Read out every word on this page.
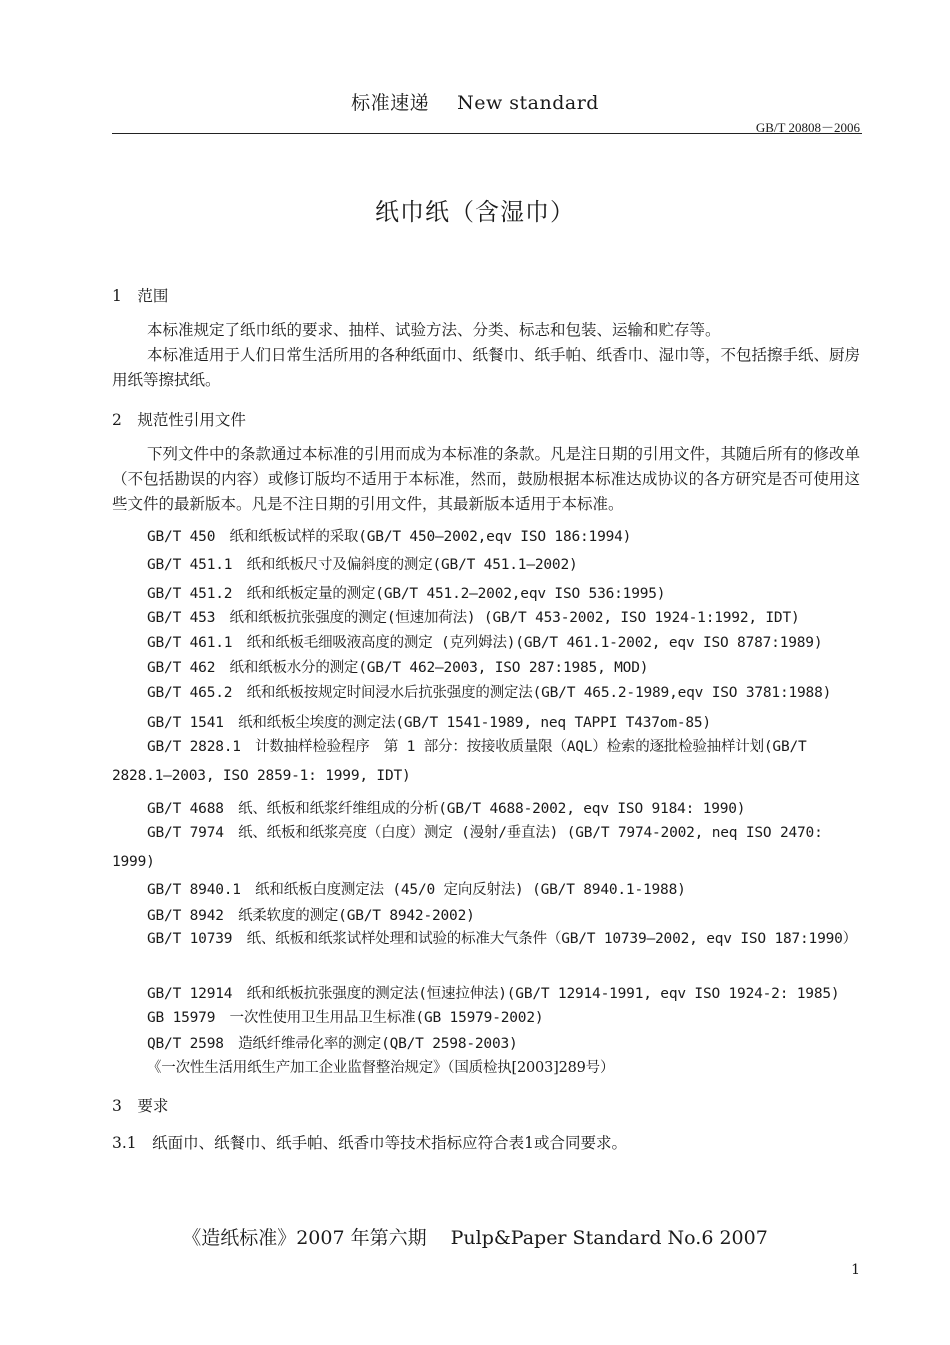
标准速递 New standard
GB/T 20808－2006
纸巾纸（含湿巾）
1　范围
本标准规定了纸巾纸的要求、抽样、试验方法、分类、标志和包装、运输和贮存等。
本标准适用于人们日常生活所用的各种纸面巾、纸餐巾、纸手帕、纸香巾、湿巾等，不包括擦手纸、厨房用纸等擦拭纸。
2　规范性引用文件
下列文件中的条款通过本标准的引用而成为本标准的条款。凡是注日期的引用文件，其随后所有的修改单（不包括勘误的内容）或修订版均不适用于本标准，然而，鼓励根据本标准达成协议的各方研究是否可使用这些文件的最新版本。凡是不注日期的引用文件，其最新版本适用于本标准。
GB/T 450　纸和纸板试样的采取(GB/T 450—2002,eqv ISO 186:1994)
GB/T 451.1　纸和纸板尺寸及偏斜度的测定(GB/T 451.1—2002)
GB/T 451.2　纸和纸板定量的测定(GB/T 451.2—2002,eqv ISO 536:1995)
GB/T 453　纸和纸板抗张强度的测定(恒速加荷法) (GB/T 453-2002, ISO 1924-1:1992, IDT)
GB/T 461.1　纸和纸板毛细吸液高度的测定 (克列姆法)(GB/T 461.1-2002, eqv ISO 8787:1989)
GB/T 462　纸和纸板水分的测定(GB/T 462—2003, ISO 287:1985, MOD)
GB/T 465.2　纸和纸板按规定时间浸水后抗张强度的测定法(GB/T 465.2-1989,eqv ISO 3781:1988)
GB/T 1541　纸和纸板尘埃度的测定法(GB/T 1541-1989, neq TAPPI T437om-85)
GB/T 2828.1　计数抽样检验程序　第 1 部分：按接收质量限（AQL）检索的逐批检验抽样计划(GB/T 2828.1—2003, ISO 2859-1: 1999, IDT)
GB/T 4688　纸、纸板和纸浆纤维组成的分析(GB/T 4688-2002, eqv ISO 9184: 1990)
GB/T 7974　纸、纸板和纸浆亮度（白度）测定 (漫射/垂直法) (GB/T 7974-2002, neq ISO 2470: 1999)
GB/T 8940.1　纸和纸板白度测定法 (45/0 定向反射法) (GB/T 8940.1-1988)
GB/T 8942　纸柔软度的测定(GB/T 8942-2002)
GB/T 10739　纸、纸板和纸浆试样处理和试验的标准大气条件（GB/T 10739—2002, eqv ISO 187:1990）
GB/T 12914　纸和纸板抗张强度的测定法(恒速拉伸法)(GB/T 12914-1991, eqv ISO 1924-2: 1985)
GB 15979　一次性使用卫生用品卫生标准(GB 15979-2002)
QB/T 2598　造纸纤维帚化率的测定(QB/T 2598-2003)
《一次性生活用纸生产加工企业监督整治规定》（国质检执[2003]289号）
3　要求
3.1　纸面巾、纸餐巾、纸手帕、纸香巾等技术指标应符合表1或合同要求。
《造纸标准》2007 年第六期 Pulp&Paper Standard No.6 2007
1
